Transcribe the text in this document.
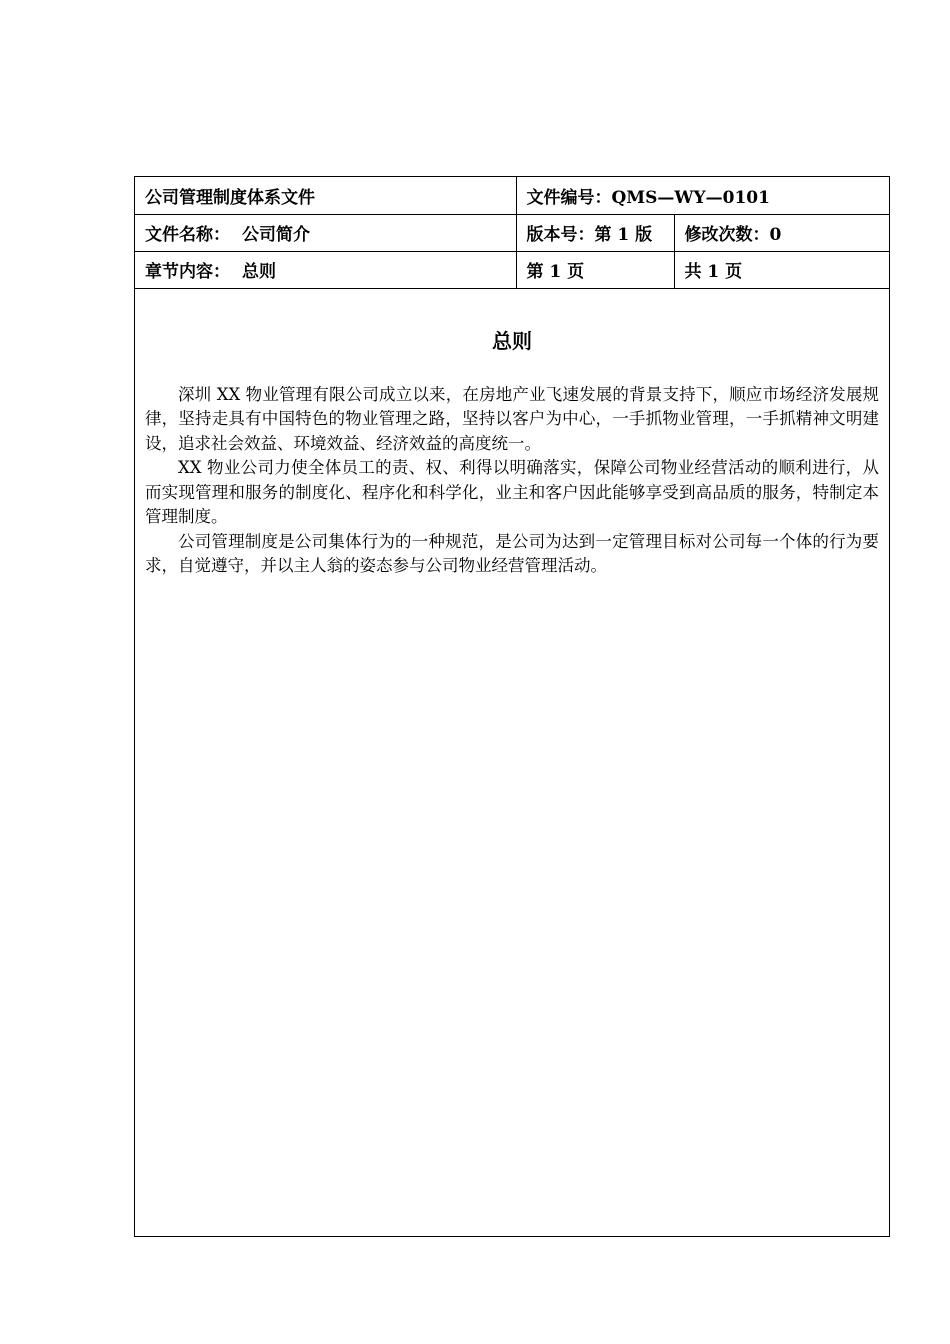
公司管理制度体系文件	文件编号：QMS—WY—0101	
文件名称： 公司简介	版本号：第 1 版	修改次数：0
章节内容： 总则	第 1 页	共 1 页
总则

深圳 XX 物业管理有限公司成立以来，在房地产业飞速发展的背景支持下，顺应市场经济发展规律，坚持走具有中国特色的物业管理之路，坚持以客户为中心，一手抓物业管理，一手抓精神文明建设，追求社会效益、环境效益、经济效益的高度统一。

XX 物业公司力使全体员工的责、权、利得以明确落实，保障公司物业经营活动的顺利进行，从而实现管理和服务的制度化、程序化和科学化，业主和客户因此能够享受到高品质的服务，特制定本管理制度。

公司管理制度是公司集体行为的一种规范，是公司为达到一定管理目标对公司每一个体的行为要求，自觉遵守，并以主人翁的姿态参与公司物业经营管理活动。
